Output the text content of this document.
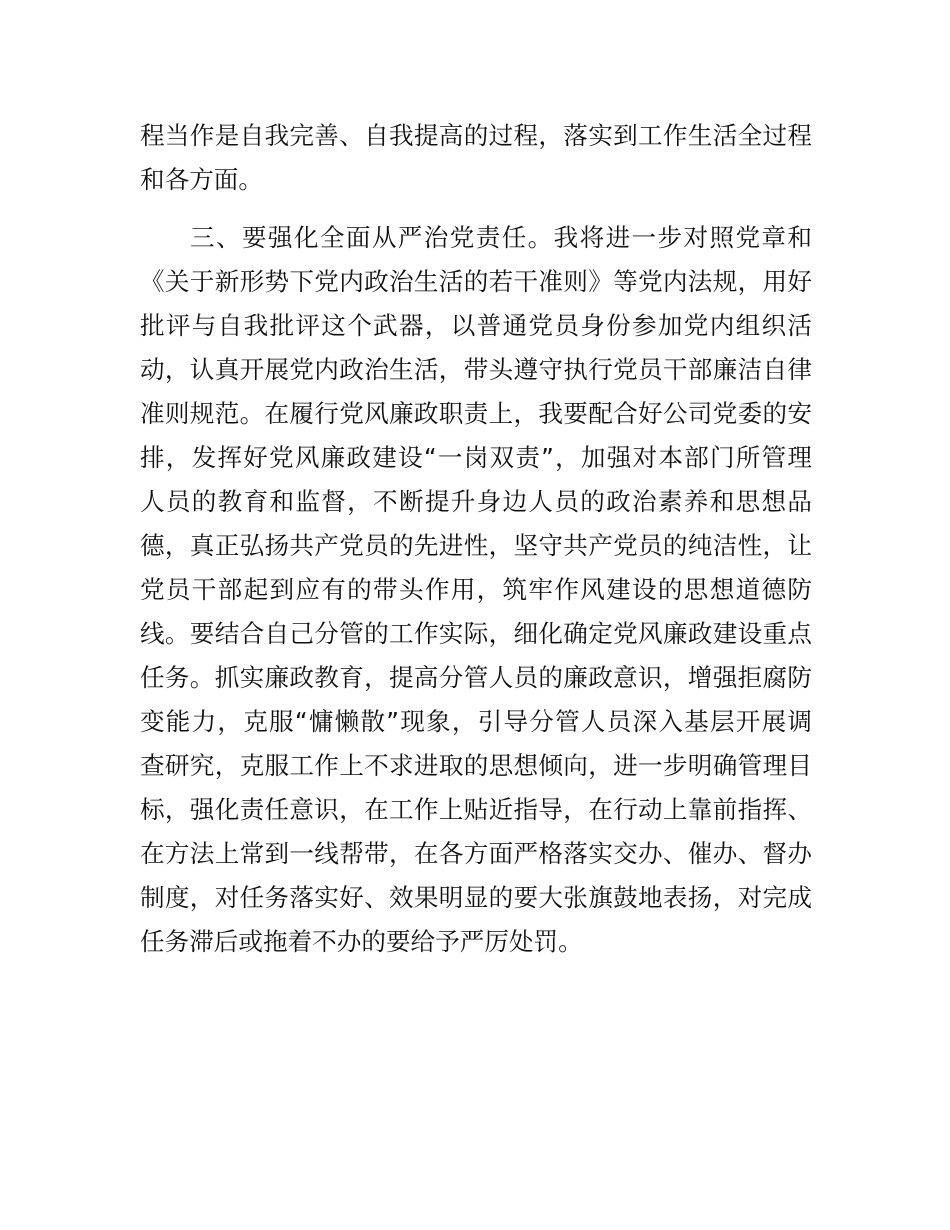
程当作是自我完善、自我提高的过程，落实到工作生活全过程
和各方面。
三、要强化全面从严治党责任。我将进一步对照党章和
《关于新形势下党内政治生活的若干准则》等党内法规，用好
批评与自我批评这个武器，以普通党员身份参加党内组织活
动，认真开展党内政治生活，带头遵守执行党员干部廉洁自律
准则规范。在履行党风廉政职责上，我要配合好公司党委的安
排，发挥好党风廉政建设“一岗双责”，加强对本部门所管理
人员的教育和监督，不断提升身边人员的政治素养和思想品
德，真正弘扬共产党员的先进性，坚守共产党员的纯洁性，让
党员干部起到应有的带头作用，筑牢作风建设的思想道德防
线。要结合自己分管的工作实际，细化确定党风廉政建设重点
任务。抓实廉政教育，提高分管人员的廉政意识，增强拒腐防
变能力，克服“慵懒散”现象，引导分管人员深入基层开展调
查研究，克服工作上不求进取的思想倾向，进一步明确管理目
标，强化责任意识，在工作上贴近指导，在行动上靠前指挥、
在方法上常到一线帮带，在各方面严格落实交办、催办、督办
制度，对任务落实好、效果明显的要大张旗鼓地表扬，对完成
任务滞后或拖着不办的要给予严厉处罚。
